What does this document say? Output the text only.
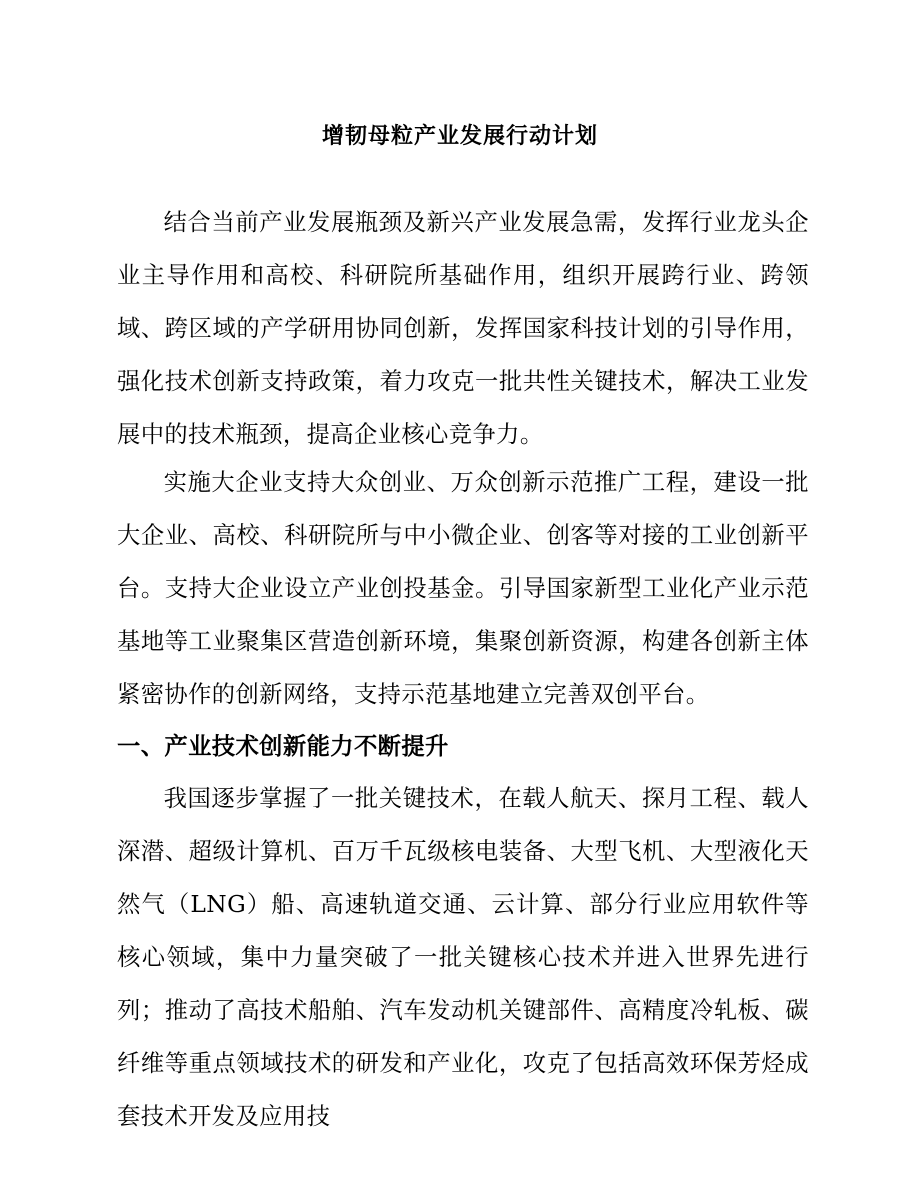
增韧母粒产业发展行动计划

结合当前产业发展瓶颈及新兴产业发展急需，发挥行业龙头企业主导作用和高校、科研院所基础作用，组织开展跨行业、跨领域、跨区域的产学研用协同创新，发挥国家科技计划的引导作用，强化技术创新支持政策，着力攻克一批共性关键技术，解决工业发展中的技术瓶颈，提高企业核心竞争力。

实施大企业支持大众创业、万众创新示范推广工程，建设一批大企业、高校、科研院所与中小微企业、创客等对接的工业创新平台。支持大企业设立产业创投基金。引导国家新型工业化产业示范基地等工业聚集区营造创新环境，集聚创新资源，构建各创新主体紧密协作的创新网络，支持示范基地建立完善双创平台。

一、产业技术创新能力不断提升

我国逐步掌握了一批关键技术，在载人航天、探月工程、载人深潜、超级计算机、百万千瓦级核电装备、大型飞机、大型液化天然气（LNG）船、高速轨道交通、云计算、部分行业应用软件等核心领域，集中力量突破了一批关键核心技术并进入世界先进行列；推动了高技术船舶、汽车发动机关键部件、高精度冷轧板、碳纤维等重点领域技术的研发和产业化，攻克了包括高效环保芳烃成套技术开发及应用技
